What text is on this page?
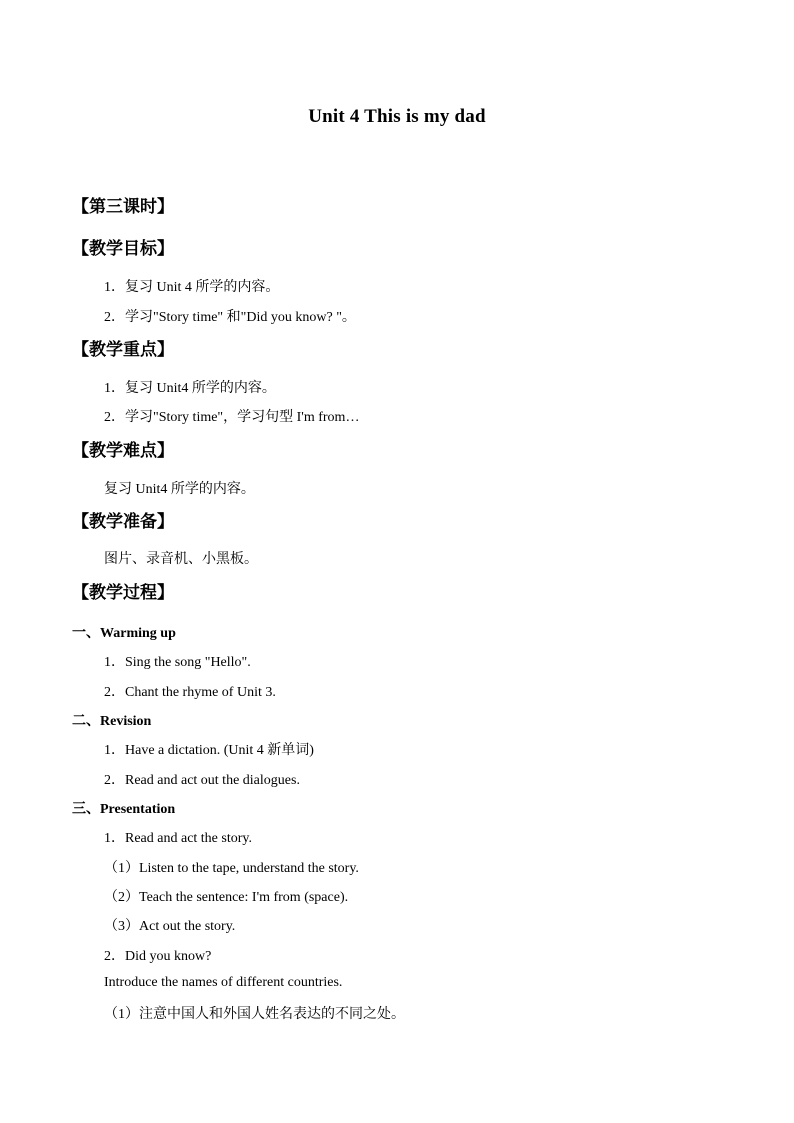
Unit 4 This is my dad
【第三课时】
【教学目标】
1．复习 Unit 4 所学的内容。
2．学习"Story time" 和"Did you know? "。
【教学重点】
1．复习 Unit4 所学的内容。
2．学习"Story time"，学习句型 I'm from…
【教学难点】
复习 Unit4 所学的内容。
【教学准备】
图片、录音机、小黑板。
【教学过程】
一、Warming up
1．Sing the song "Hello".
2．Chant the rhyme of Unit 3.
二、Revision
1．Have a dictation. (Unit 4 新单词)
2．Read and act out the dialogues.
三、Presentation
1．Read and act the story.
（1）Listen to the tape, understand the story.
（2）Teach the sentence: I'm from (space).
（3）Act out the story.
2．Did you know?
Introduce the names of different countries.
（1）注意中国人和外国人姓名表达的不同之处。
